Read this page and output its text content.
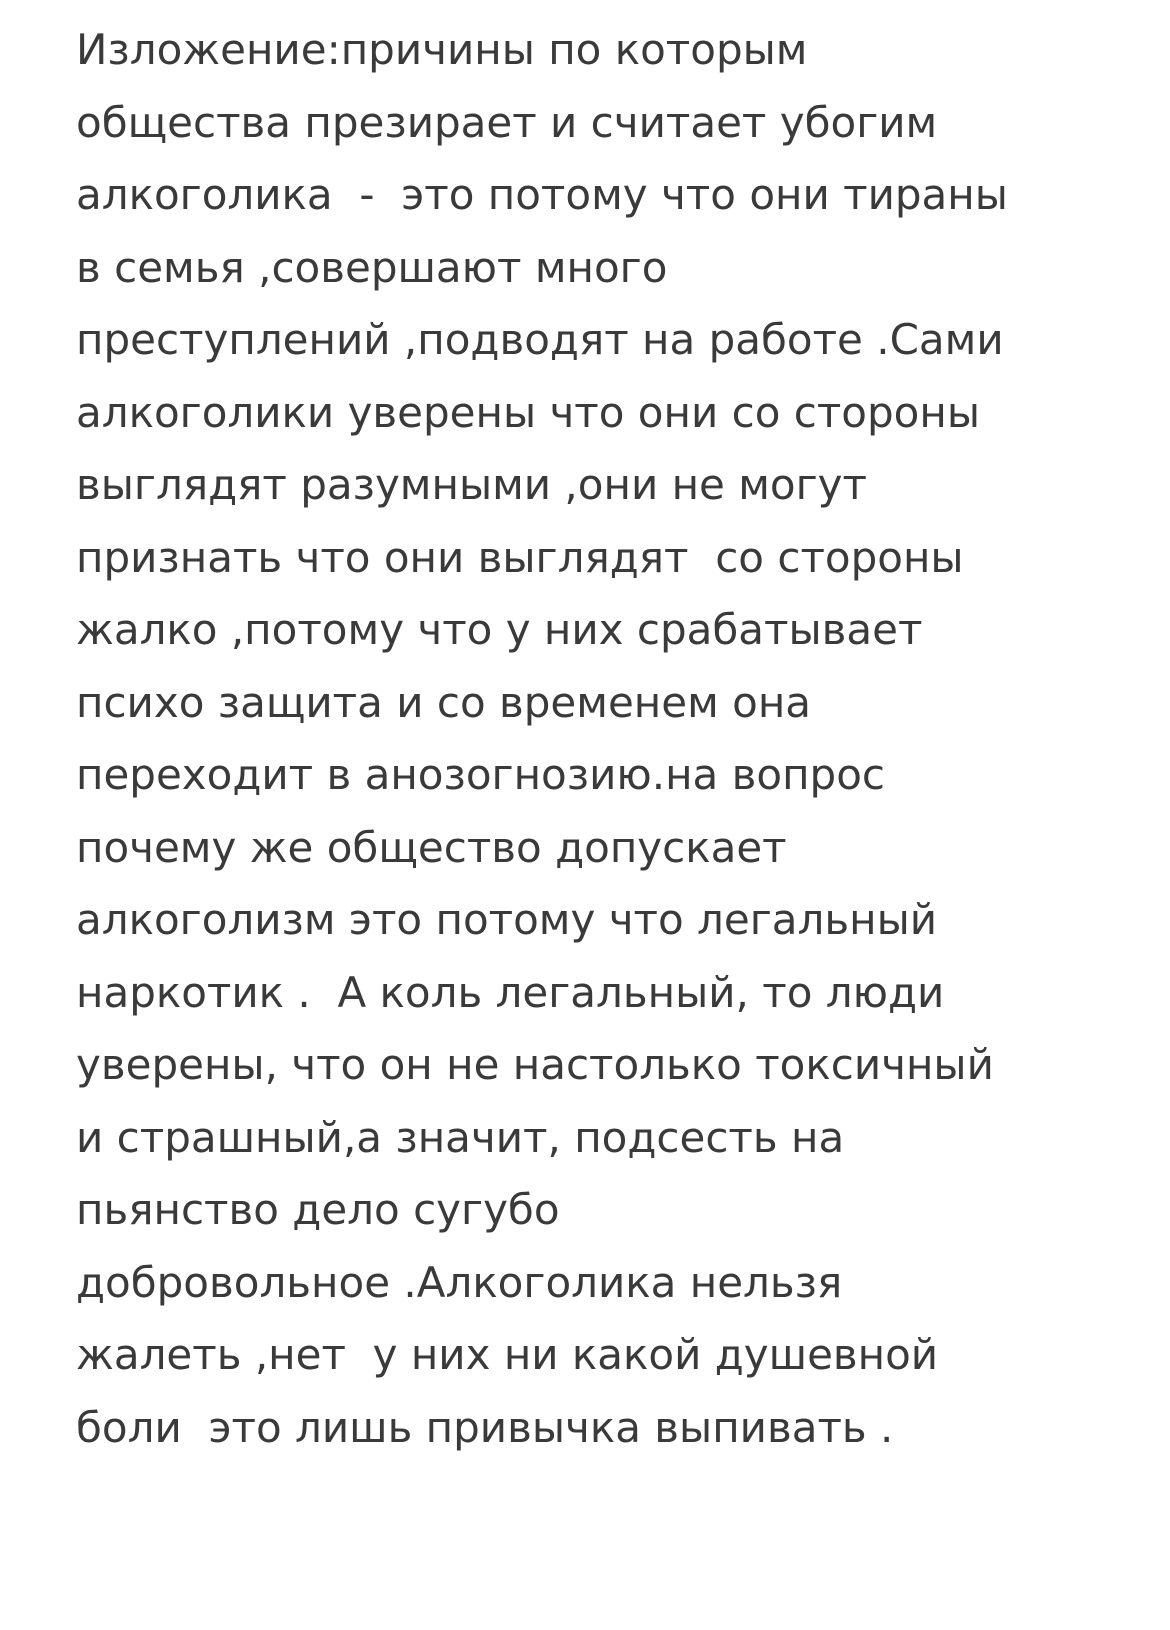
Изложение:причины по которым
общества презирает и считает убогим
алкоголика  -  это потому что они тираны
в семья ,совершают много
преступлений ,подводят на работе .Сами
алкоголики уверены что они со стороны
выглядят разумными ,они не могут
признать что они выглядят  со стороны
жалко ,потому что у них срабатывает
психо защита и со временем она
переходит в анозогнозию.на вопрос
почему же общество допускает
алкоголизм это потому что легальный
наркотик .  А коль легальный, то люди
уверены, что он не настолько токсичный
и страшный,а значит, подсесть на
пьянство дело сугубо
добровольное .Алкоголика нельзя
жалеть ,нет  у них ни какой душевной
боли  это лишь привычка выпивать .
